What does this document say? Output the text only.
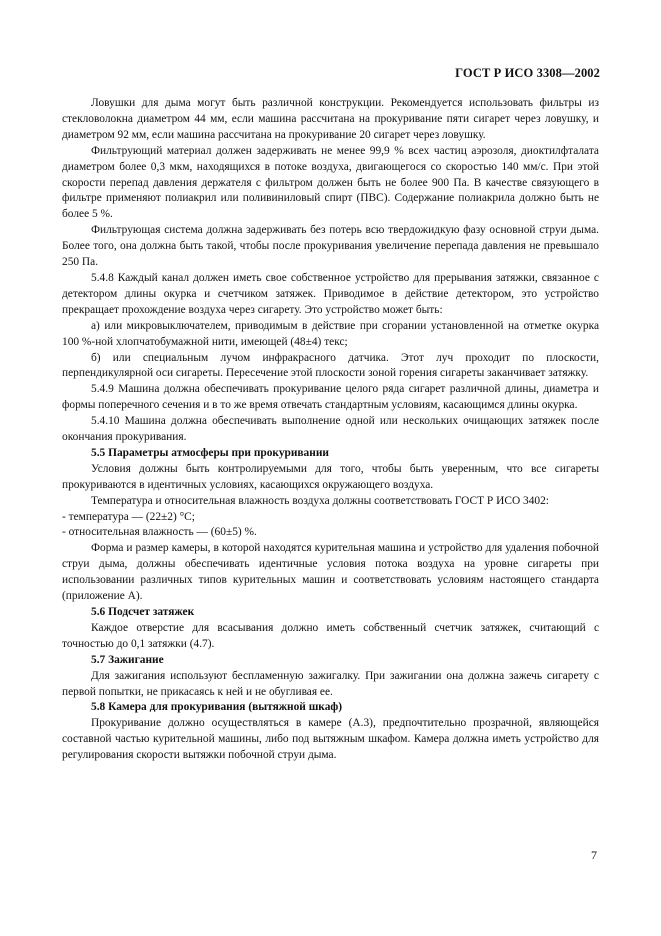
ГОСТ Р ИСО 3308—2002

Ловушки для дыма могут быть различной конструкции. Рекомендуется использовать фильтры из стекловолокна диаметром 44 мм, если машина рассчитана на прокуривание пяти сигарет через ловушку, и диаметром 92 мм, если машина рассчитана на прокуривание 20 сигарет через ловушку.

Фильтрующий материал должен задерживать не менее 99,9 % всех частиц аэрозоля, диоктилфталата диаметром более 0,3 мкм, находящихся в потоке воздуха, двигающегося со скоростью 140 мм/с. При этой скорости перепад давления держателя с фильтром должен быть не более 900 Па. В качестве связующего в фильтре применяют полиакрил или поливиниловый спирт (ПВС). Содержание полиакрила должно быть не более 5 %.

Фильтрующая система должна задерживать без потерь всю твердожидкую фазу основной струи дыма. Более того, она должна быть такой, чтобы после прокуривания увеличение перепада давления не превышало 250 Па.

5.4.8 Каждый канал должен иметь свое собственное устройство для прерывания затяжки, связанное с детектором длины окурка и счетчиком затяжек. Приводимое в действие детектором, это устройство прекращает прохождение воздуха через сигарету. Это устройство может быть:

а) или микровыключателем, приводимым в действие при сгорании установленной на отметке окурка 100 %-ной хлопчатобумажной нити, имеющей (48±4) текс;

б) или специальным лучом инфракрасного датчика. Этот луч проходит по плоскости, перпендикулярной оси сигареты. Пересечение этой плоскости зоной горения сигареты заканчивает затяжку.

5.4.9 Машина должна обеспечивать прокуривание целого ряда сигарет различной длины, диаметра и формы поперечного сечения и в то же время отвечать стандартным условиям, касающимся длины окурка.

5.4.10 Машина должна обеспечивать выполнение одной или нескольких очищающих затяжек после окончания прокуривания.

5.5 Параметры атмосферы при прокуривании

Условия должны быть контролируемыми для того, чтобы быть уверенным, что все сигареты прокуриваются в идентичных условиях, касающихся окружающего воздуха.

Температура и относительная влажность воздуха должны соответствовать ГОСТ Р ИСО 3402:

- температура — (22±2) °С;

- относительная влажность — (60±5) %.

Форма и размер камеры, в которой находятся курительная машина и устройство для удаления побочной струи дыма, должны обеспечивать идентичные условия потока воздуха на уровне сигареты при использовании различных типов курительных машин и соответствовать условиям настоящего стандарта (приложение А).

5.6 Подсчет затяжек

Каждое отверстие для всасывания должно иметь собственный счетчик затяжек, считающий с точностью до 0,1 затяжки (4.7).

5.7 Зажигание

Для зажигания используют беспламенную зажигалку. При зажигании она должна зажечь сигарету с первой попытки, не прикасаясь к ней и не обугливая ее.

5.8 Камера для прокуривания (вытяжной шкаф)

Прокуривание должно осуществляться в камере (А.3), предпочтительно прозрачной, являющейся составной частью курительной машины, либо под вытяжным шкафом. Камера должна иметь устройство для регулирования скорости вытяжки побочной струи дыма.

7
